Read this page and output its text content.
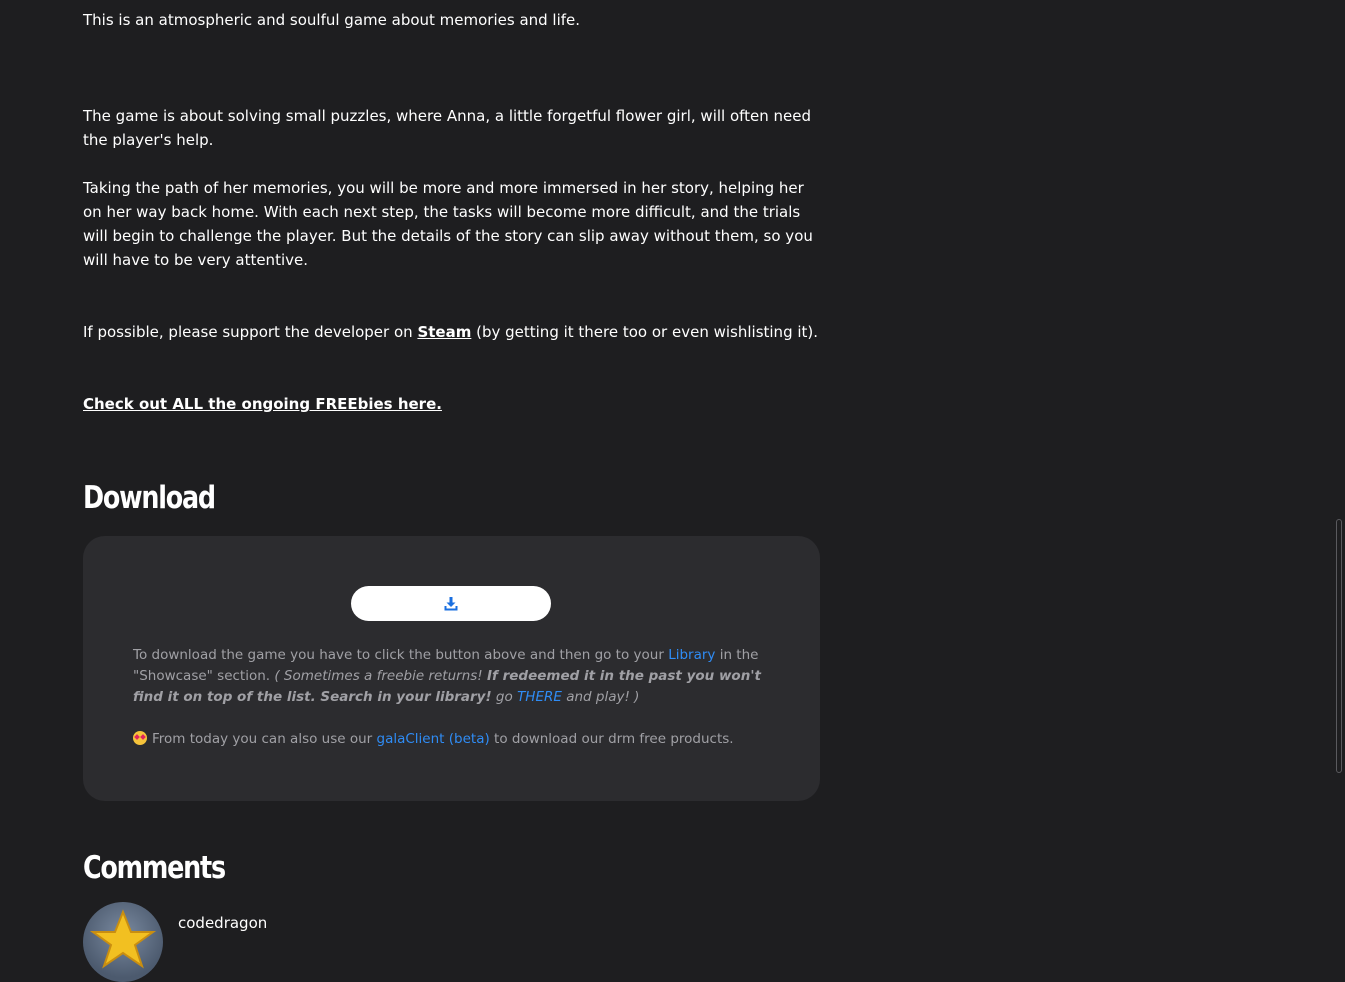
This is an atmospheric and soulful game about memories and life.

The game is about solving small puzzles, where Anna, a little forgetful flower girl, will often need the player's help.

Taking the path of her memories, you will be more and more immersed in her story, helping her on her way back home. With each next step, the tasks will become more difficult, and the trials will begin to challenge the player. But the details of the story can slip away without them, so you will have to be very attentive.

If possible, please support the developer on Steam (by getting it there too or even wishlisting it).

Check out ALL the ongoing FREEbies here.

Download

To download the game you have to click the button above and then go to your Library in the "Showcase" section. ( Sometimes a freebie returns! If redeemed it in the past you won't find it on top of the list. Search in your library! go THERE and play! )

From today you can also use our galaClient (beta) to download our drm free products.

Comments
codedragon
